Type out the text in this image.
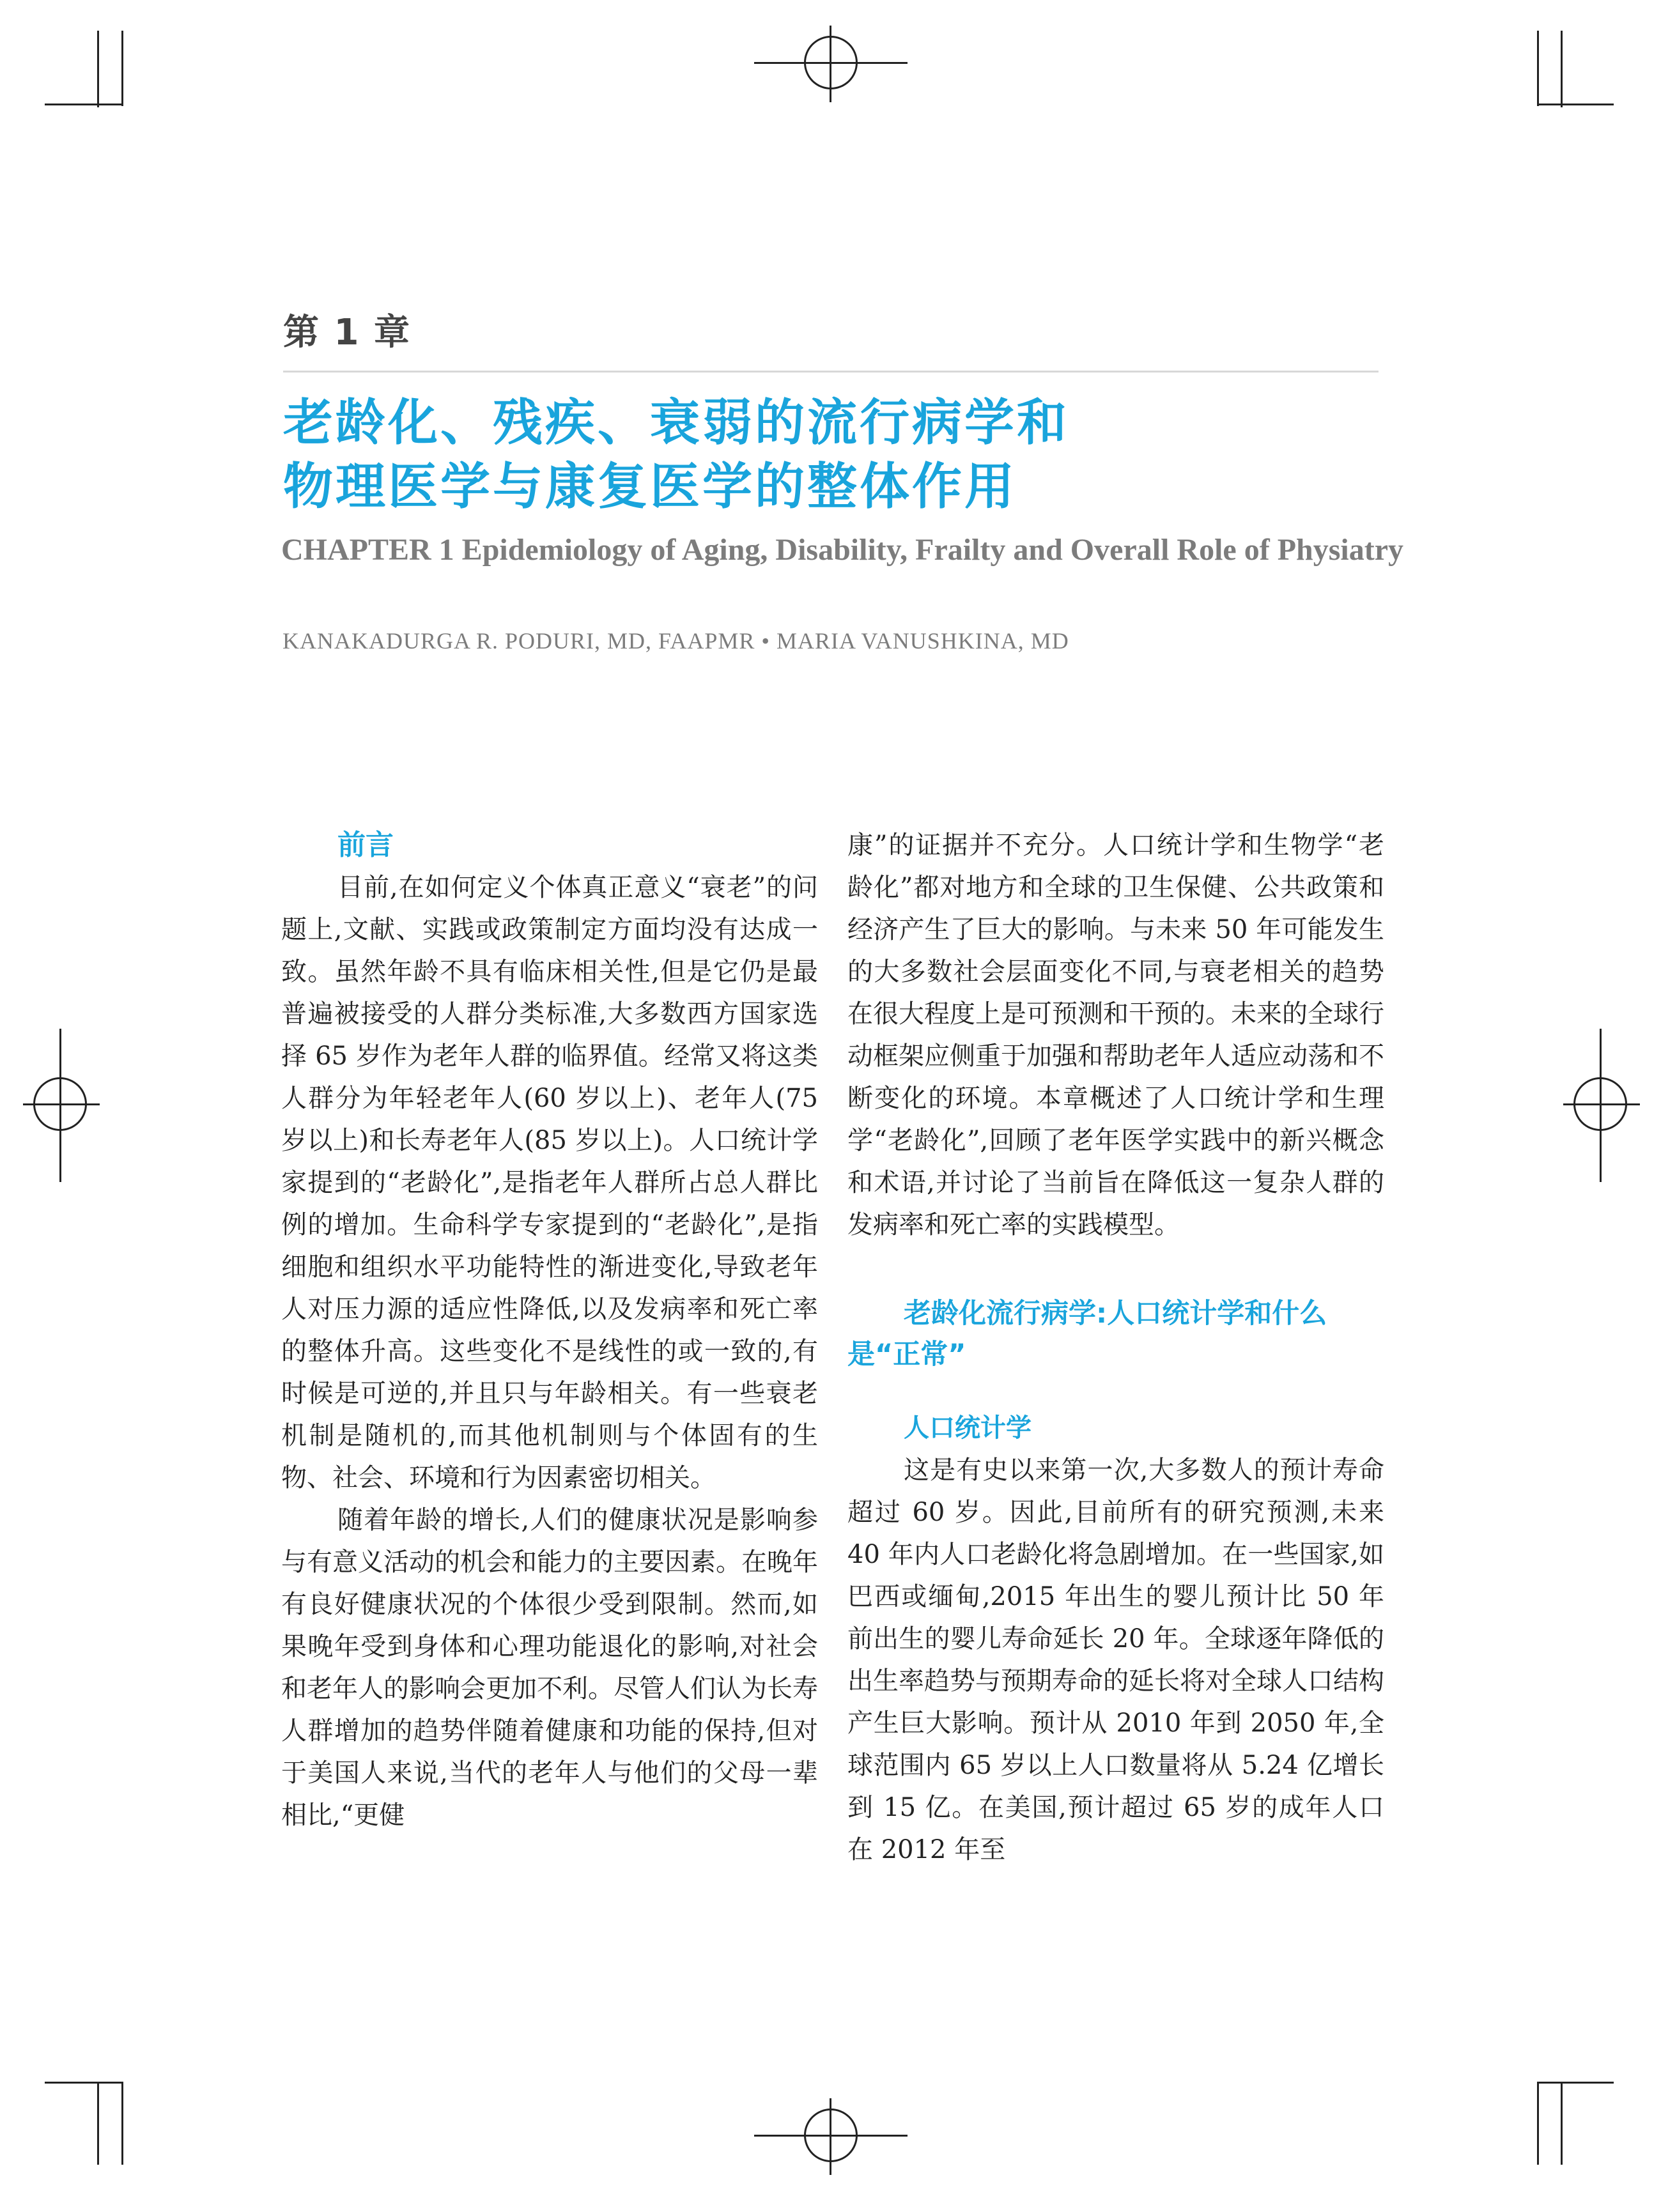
第 1 章
老龄化、残疾、衰弱的流行病学和
物理医学与康复医学的整体作用
CHAPTER 1 Epidemiology of Aging, Disability, Frailty and Overall Role of Physiatry
KANAKADURGA R. PODURI, MD, FAAPMR • MARIA VANUSHKINA, MD
前言

目前,在如何定义个体真正意义“衰老”的问题上,文献、实践或政策制定方面均没有达成一致。虽然年龄不具有临床相关性,但是它仍是最普遍被接受的人群分类标准,大多数西方国家选择 65 岁作为老年人群的临界值。经常又将这类人群分为年轻老年人(60 岁以上)、老年人(75 岁以上)和长寿老年人(85 岁以上)。人口统计学家提到的“老龄化”,是指老年人群所占总人群比例的增加。生命科学专家提到的“老龄化”,是指细胞和组织水平功能特性的渐进变化,导致老年人对压力源的适应性降低,以及发病率和死亡率的整体升高。这些变化不是线性的或一致的,有时候是可逆的,并且只与年龄相关。有一些衰老机制是随机的,而其他机制则与个体固有的生物、社会、环境和行为因素密切相关。

随着年龄的增长,人们的健康状况是影响参与有意义活动的机会和能力的主要因素。在晚年有良好健康状况的个体很少受到限制。然而,如果晚年受到身体和心理功能退化的影响,对社会和老年人的影响会更加不利。尽管人们认为长寿人群增加的趋势伴随着健康和功能的保持,但对于美国人来说,当代的老年人与他们的父母一辈相比,“更健

康”的证据并不充分。人口统计学和生物学“老龄化”都对地方和全球的卫生保健、公共政策和经济产生了巨大的影响。与未来 50 年可能发生的大多数社会层面变化不同,与衰老相关的趋势在很大程度上是可预测和干预的。未来的全球行动框架应侧重于加强和帮助老年人适应动荡和不断变化的环境。本章概述了人口统计学和生理学“老龄化”,回顾了老年医学实践中的新兴概念和术语,并讨论了当前旨在降低这一复杂人群的发病率和死亡率的实践模型。

老龄化流行病学:人口统计学和什么是“正常”
人口统计学

这是有史以来第一次,大多数人的预计寿命超过 60 岁。因此,目前所有的研究预测,未来 40 年内人口老龄化将急剧增加。在一些国家,如巴西或缅甸,2015 年出生的婴儿预计比 50 年前出生的婴儿寿命延长 20 年。全球逐年降低的出生率趋势与预期寿命的延长将对全球人口结构产生巨大影响。预计从 2010 年到 2050 年,全球范围内 65 岁以上人口数量将从 5.24 亿增长到 15 亿。在美国,预计超过 65 岁的成年人口在 2012 年至
